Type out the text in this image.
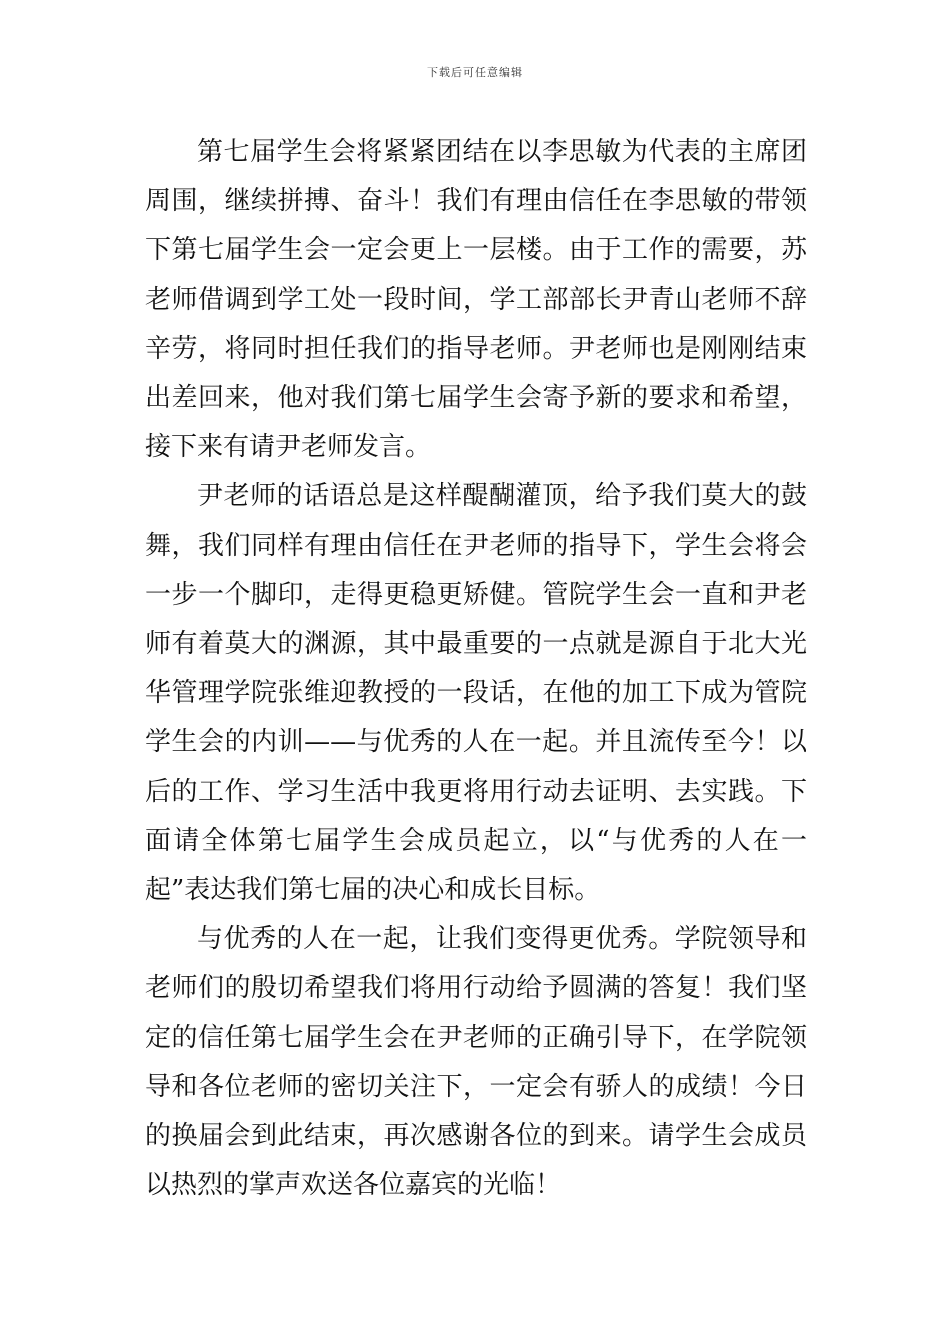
下载后可任意编辑

第七届学生会将紧紧团结在以李思敏为代表的主席团周围，继续拼搏、奋斗！我们有理由信任在李思敏的带领下第七届学生会一定会更上一层楼。由于工作的需要，苏老师借调到学工处一段时间，学工部部长尹青山老师不辞辛劳，将同时担任我们的指导老师。尹老师也是刚刚结束出差回来，他对我们第七届学生会寄予新的要求和希望，接下来有请尹老师发言。

尹老师的话语总是这样醍醐灌顶，给予我们莫大的鼓舞，我们同样有理由信任在尹老师的指导下，学生会将会一步一个脚印，走得更稳更矫健。管院学生会一直和尹老师有着莫大的渊源，其中最重要的一点就是源自于北大光华管理学院张维迎教授的一段话，在他的加工下成为管院学生会的内训——与优秀的人在一起。并且流传至今！以后的工作、学习生活中我更将用行动去证明、去实践。下面请全体第七届学生会成员起立，以“与优秀的人在一起”表达我们第七届的决心和成长目标。

与优秀的人在一起，让我们变得更优秀。学院领导和老师们的殷切希望我们将用行动给予圆满的答复！我们坚定的信任第七届学生会在尹老师的正确引导下，在学院领导和各位老师的密切关注下，一定会有骄人的成绩！今日的换届会到此结束，再次感谢各位的到来。请学生会成员以热烈的掌声欢送各位嘉宾的光临！
